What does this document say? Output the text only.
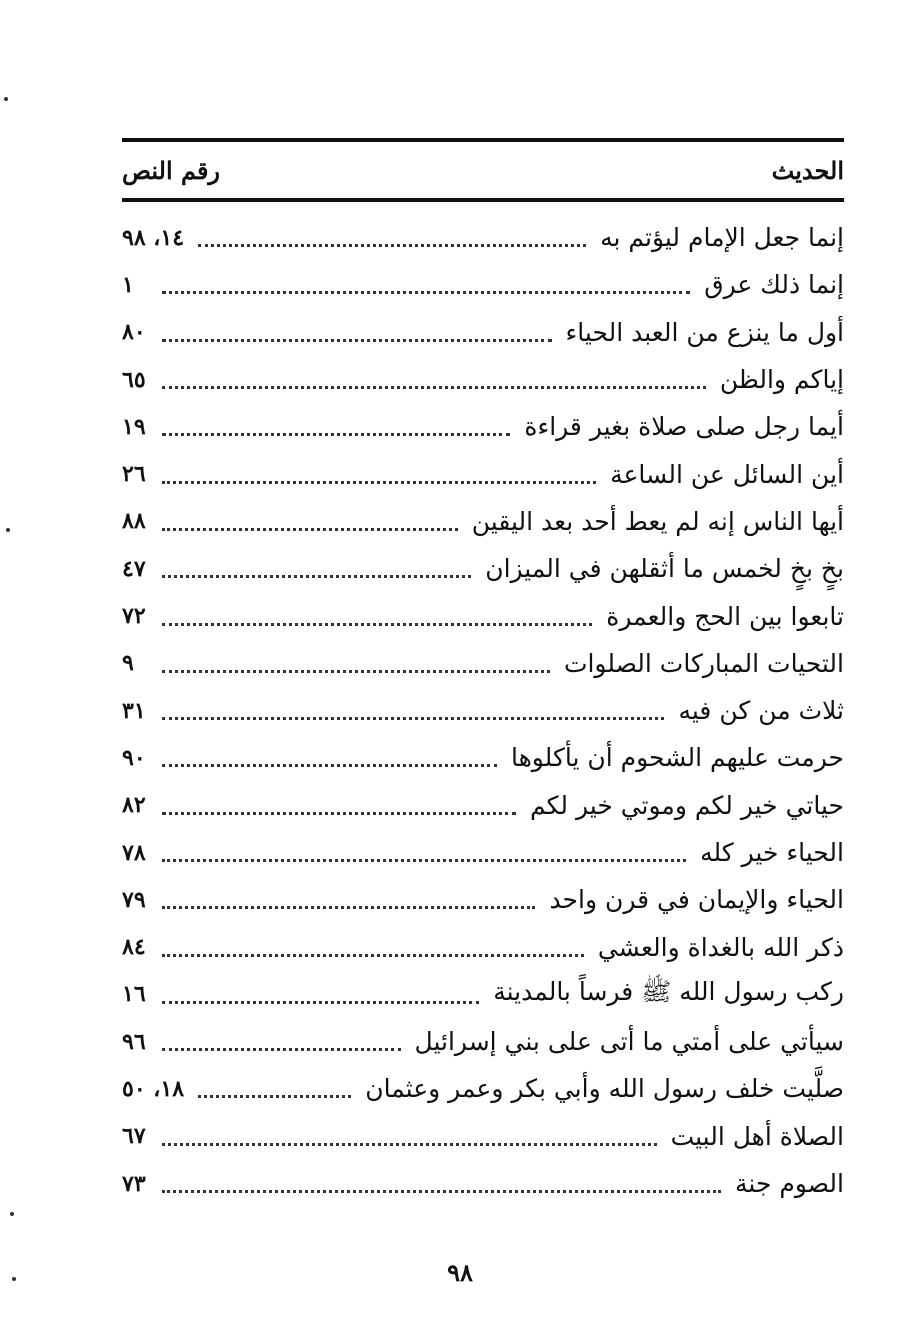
الحديث
رقم النص
إنما جعل الإمام ليؤتم به
١٤، ٩٨
إنما ذلك عرق
١
أول ما ينزع من العبد الحياء
٨٠
إياكم والظن
٦٥
أيما رجل صلى صلاة بغير قراءة
١٩
أين السائل عن الساعة
٢٦
أيها الناس إنه لم يعط أحد بعد اليقين
٨٨
بخٍ بخٍ لخمس ما أثقلهن في الميزان
٤٧
تابعوا بين الحج والعمرة
٧٢
التحيات المباركات الصلوات
٩
ثلاث من كن فيه
٣١
حرمت عليهم الشحوم أن يأكلوها
٩٠
حياتي خير لكم وموتي خير لكم
٨٢
الحياء خير كله
٧٨
الحياء والإيمان في قرن واحد
٧٩
ذكر الله بالغداة والعشي
٨٤
ركب رسول الله ﷺ فرساً بالمدينة
١٦
سيأتي على أمتي ما أتى على بني إسرائيل
٩٦
صلَّيت خلف رسول الله وأبي بكر وعمر وعثمان
١٨، ٥٠
الصلاة أهل البيت
٦٧
الصوم جنة
٧٣
٩٨
